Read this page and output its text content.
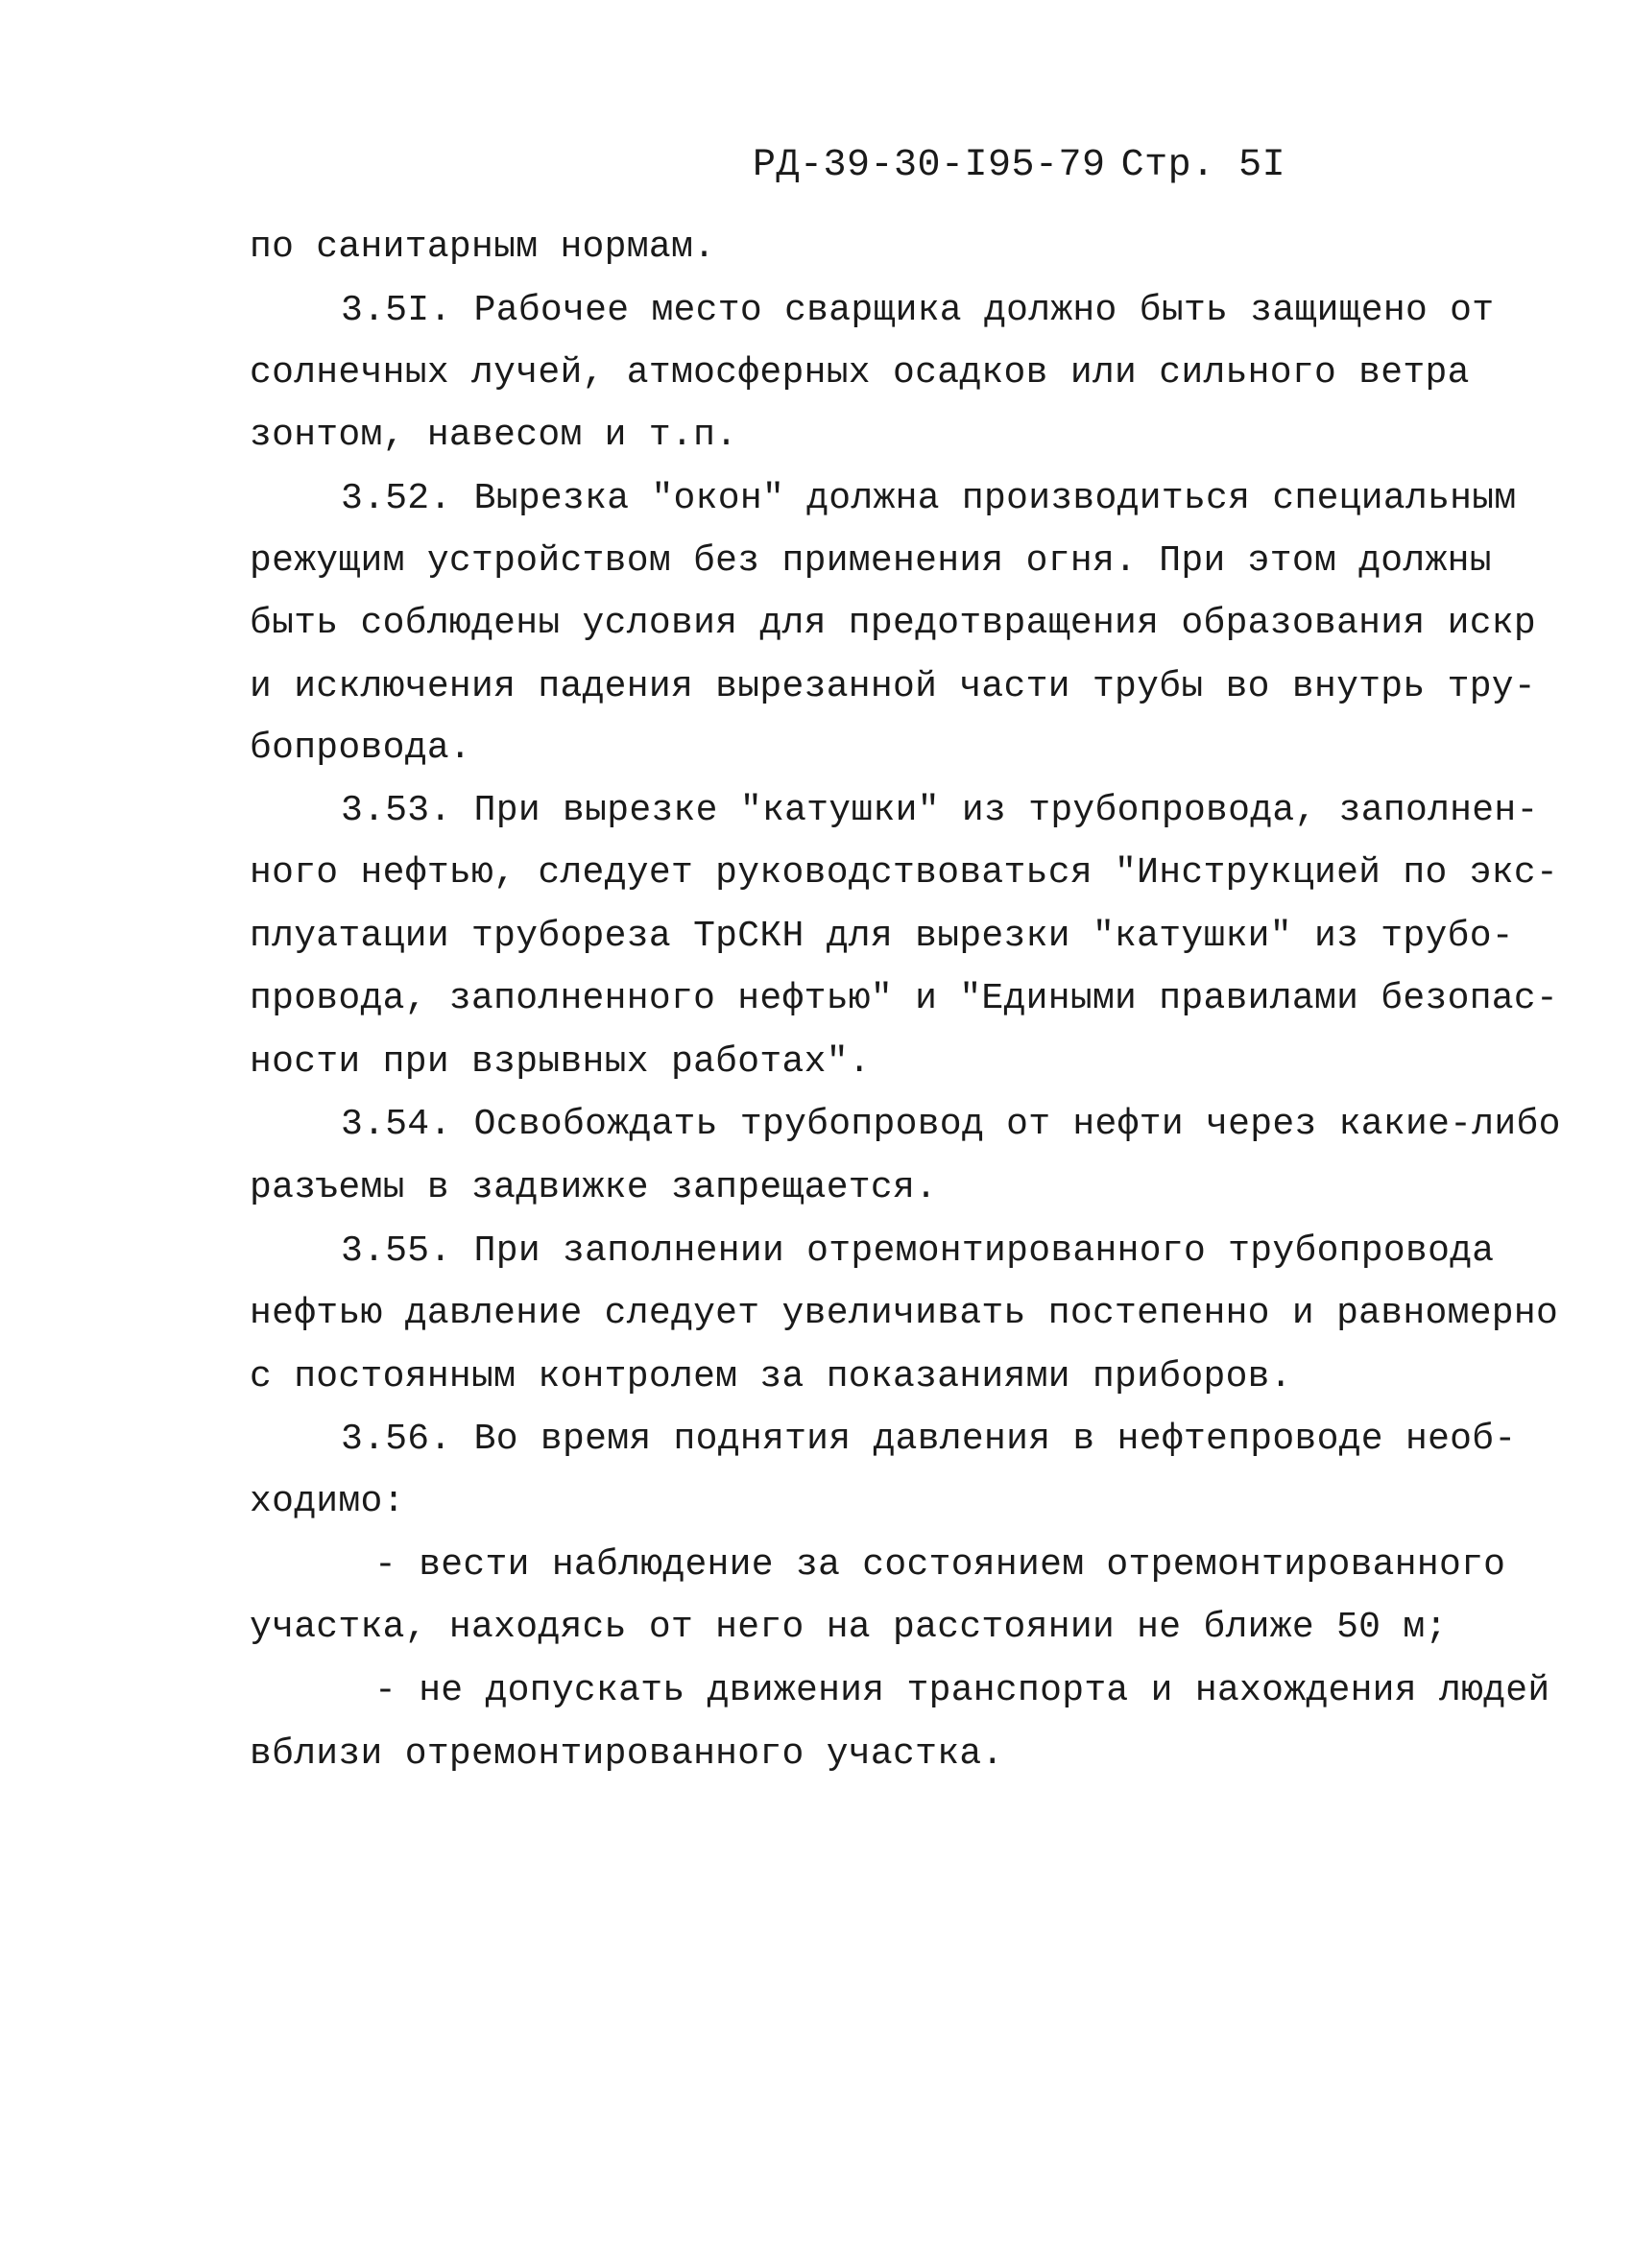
РД-39-30-I95-79 Стр. 5I
по санитарным нормам.
3.5I. Рабочее место сварщика должно быть защищено от
солнечных лучей, атмосферных осадков или сильного ветра
зонтом, навесом и т.п.
3.52. Вырезка "окон" должна производиться специальным
режущим устройством без применения огня. При этом должны
быть соблюдены условия для предотвращения образования искр
и исключения падения вырезанной части трубы во внутрь тру-
бопровода.
3.53. При вырезке "катушки" из трубопровода, заполнен-
ного нефтью, следует руководствоваться "Инструкцией по экс-
плуатации трубореза ТрСКН для вырезки "катушки" из трубо-
провода, заполненного нефтью" и "Едиными правилами безопас-
ности при взрывных работах".
3.54. Освобождать трубопровод от нефти через какие-либо
разъемы в задвижке запрещается.
3.55. При заполнении отремонтированного трубопровода
нефтью давление следует увеличивать постепенно и равномерно
с постоянным контролем за показаниями приборов.
3.56. Во время поднятия давления в нефтепроводе необ-
ходимо:
- вести наблюдение за состоянием отремонтированного
участка, находясь от него на расстоянии не ближе 50 м;
- не допускать движения транспорта и нахождения людей
вблизи отремонтированного участка.
